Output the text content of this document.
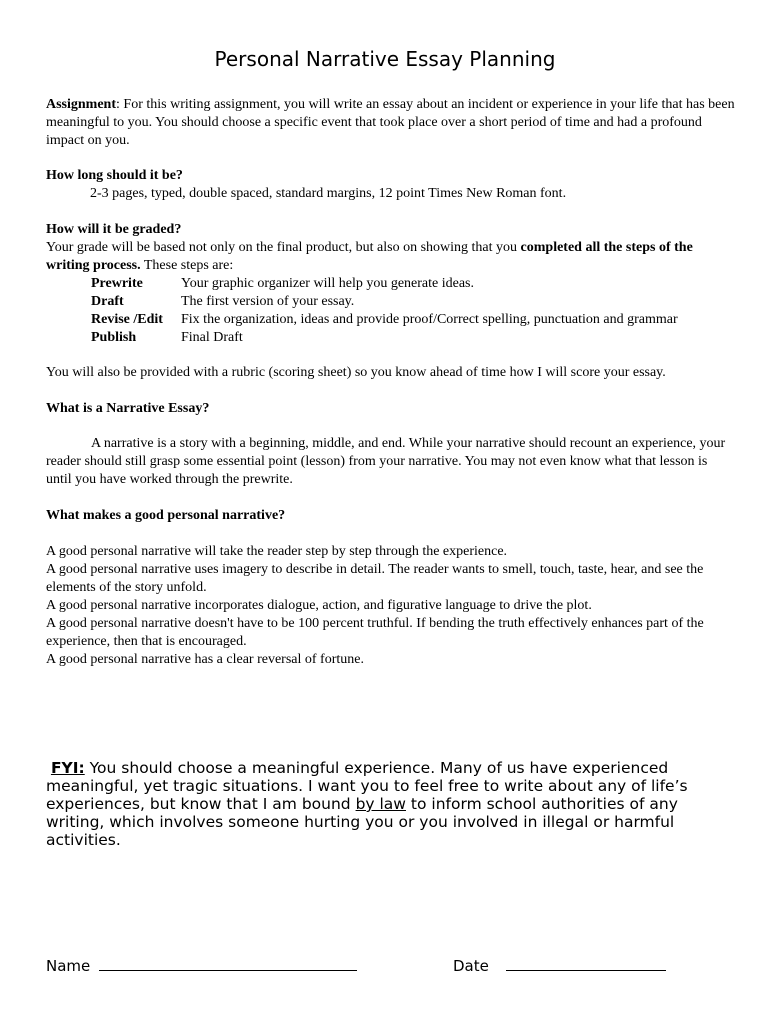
Personal Narrative Essay Planning
Assignment: For this writing assignment, you will write an essay about an incident or experience in your life that has been meaningful to you. You should choose a specific event that took place over a short period of time and had a profound impact on you.
How long should it be?
2-3 pages, typed, double spaced, standard margins, 12 point Times New Roman font.
How will it be graded?
Your grade will be based not only on the final product, but also on showing that you completed all the steps of the writing process. These steps are:
Prewrite	Your graphic organizer will help you generate ideas.
Draft	The first version of your essay.
Revise /Edit	Fix the organization, ideas and provide proof/Correct spelling, punctuation and grammar
Publish	Final Draft
You will also be provided with a rubric (scoring sheet) so you know ahead of time how I will score your essay.
What is a Narrative Essay?
A narrative is a story with a beginning, middle, and end. While your narrative should recount an experience, your reader should still grasp some essential point (lesson) from your narrative. You may not even know what that lesson is until you have worked through the prewrite.
What makes a good personal narrative?
A good personal narrative will take the reader step by step through the experience.
A good personal narrative uses imagery to describe in detail. The reader wants to smell, touch, taste, hear, and see the elements of the story unfold.
A good personal narrative incorporates dialogue, action, and figurative language to drive the plot.
A good personal narrative doesn't have to be 100 percent truthful. If bending the truth effectively enhances part of the experience, then that is encouraged.
A good personal narrative has a clear reversal of fortune.
FYI: You should choose a meaningful experience. Many of us have experienced meaningful, yet tragic situations. I want you to feel free to write about any of life’s experiences, but know that I am bound by law to inform school authorities of any writing, which involves someone hurting you or you involved in illegal or harmful activities.
Name	Date
